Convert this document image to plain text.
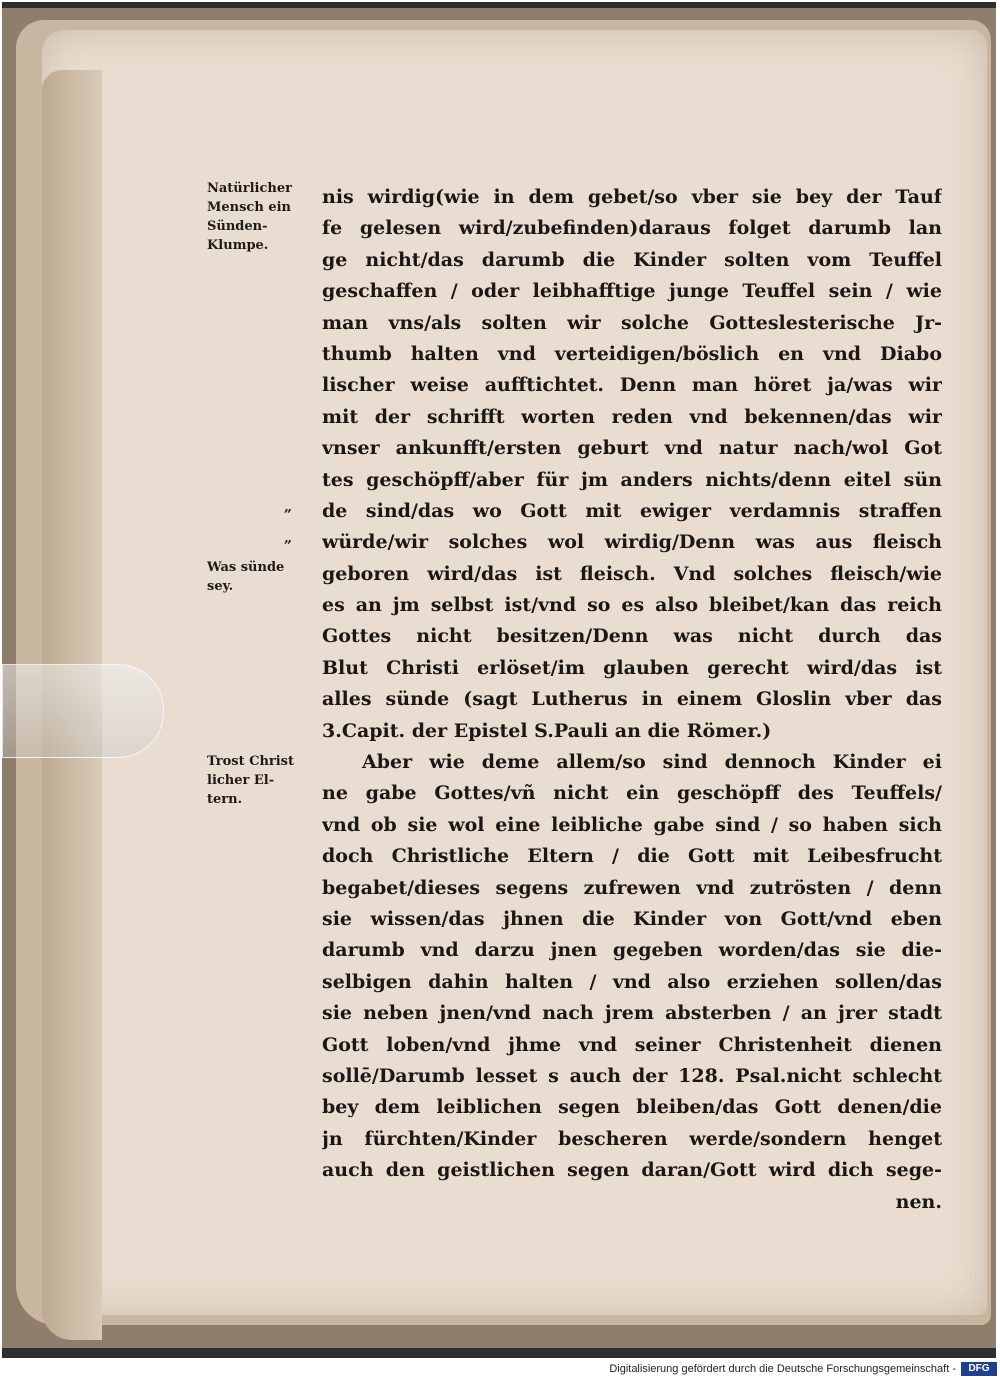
Natürlicher
Mensch ein
Sünden-
Klumpe.
„
„
Was sünde
sey.
Trost Christ
licher El-
tern.
nis wirdig(wie in dem gebet/so vber sie bey der Tauf
fe gelesen wird/zubefinden)daraus folget darumb lan
ge nicht/das darumb die Kinder solten vom Teuffel
geschaffen / oder leibhafftige junge Teuffel sein / wie
man vns/als solten wir solche Gotteslesterische Jr-
thumb halten vnd verteidigen/böslich en vnd Diabo
lischer weise aufftichtet. Denn man höret ja/was wir
mit der schrifft worten reden vnd bekennen/das wir
vnser ankunfft/ersten geburt vnd natur nach/wol Got
tes geschöpff/aber für jm anders nichts/denn eitel sün
de sind/das wo Gott mit ewiger verdamnis straffen
würde/wir solches wol wirdig/Denn was aus fleisch
geboren wird/das ist fleisch. Vnd solches fleisch/wie
es an jm selbst ist/vnd so es also bleibet/kan das reich
Gottes nicht besitzen/Denn was nicht durch das
Blut Christi erlöset/im glauben gerecht wird/das ist
alles sünde (sagt Lutherus in einem Gloslin vber das
3.Capit. der Epistel S.Pauli an die Römer.)
Aber wie deme allem/so sind dennoch Kinder ei
ne gabe Gottes/vñ nicht ein geschöpff des Teuffels/
vnd ob sie wol eine leibliche gabe sind / so haben sich
doch Christliche Eltern / die Gott mit Leibesfrucht
begabet/dieses segens zufrewen vnd zutrösten / denn
sie wissen/das jhnen die Kinder von Gott/vnd eben
darumb vnd darzu jnen gegeben worden/das sie die-
selbigen dahin halten / vnd also erziehen sollen/das
sie neben jnen/vnd nach jrem absterben / an jrer stadt
Gott loben/vnd jhme vnd seiner Christenheit dienen
sollē/Darumb lesset s auch der 128. Psal.nicht schlecht
bey dem leiblichen segen bleiben/das Gott denen/die
jn fürchten/Kinder bescheren werde/sondern henget
auch den geistlichen segen daran/Gott wird dich sege-
nen.
Digitalisierung gefördert durch die Deutsche Forschungsgemeinschaft -	DFG
